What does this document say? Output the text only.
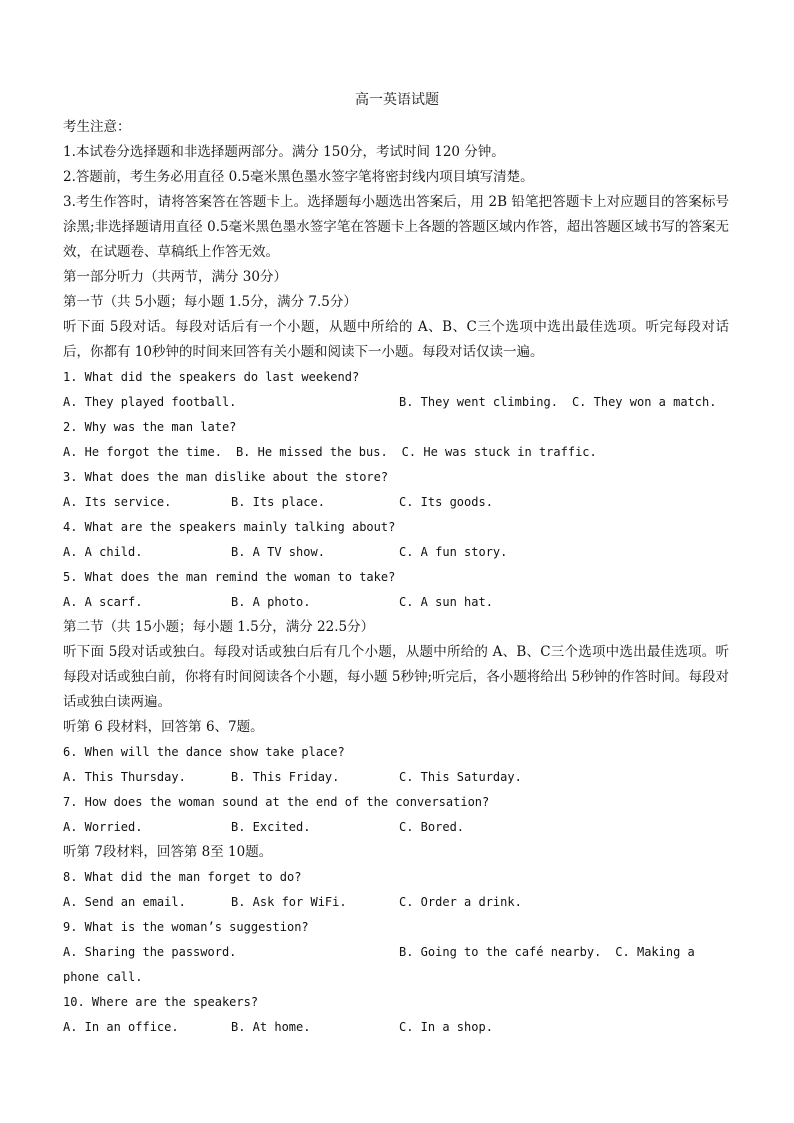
高一英语试题

考生注意：

1.本试卷分选择题和非选择题两部分。满分 150分，考试时间 120 分钟。

2.答题前，考生务必用直径 0.5毫米黑色墨水签字笔将密封线内项目填写清楚。

3.考生作答时，请将答案答在答题卡上。选择题每小题选出答案后，用 2B 铅笔把答题卡上对应题目的答案标号涂黑;非选择题请用直径 0.5毫米黑色墨水签字笔在答题卡上各题的答题区域内作答，超出答题区域书写的答案无效，在试题卷、草稿纸上作答无效。

第一部分听力（共两节，满分 30分）

第一节（共 5小题；每小题 1.5分，满分 7.5分）

听下面 5段对话。每段对话后有一个小题，从题中所给的 A、B、C三个选项中选出最佳选项。听完每段对话后，你都有 10秒钟的时间来回答有关小题和阅读下一小题。每段对话仅读一遍。

1. What did the speakers do last weekend?
A. They played football.	B. They went climbing. C. They won a match.
2. Why was the man late?
A. He forgot the time. B. He missed the bus. C. He was stuck in traffic.
3. What does the man dislike about the store?
A. Its service.	B. Its place.	C. Its goods.
4. What are the speakers mainly talking about?
A. A child.	B. A TV show.	C. A fun story.
5. What does the man remind the woman to take?
A. A scarf.	B. A photo.	C. A sun hat.

第二节（共 15小题；每小题 1.5分，满分 22.5分）

听下面 5段对话或独白。每段对话或独白后有几个小题，从题中所给的 A、B、C三个选项中选出最佳选项。听每段对话或独白前，你将有时间阅读各个小题，每小题 5秒钟;听完后，各小题将给出 5秒钟的作答时间。每段对话或独白读两遍。

听第 6 段材料，回答第 6、7题。

6. When will the dance show take place?
A. This Thursday.	B. This Friday.	C. This Saturday.
7. How does the woman sound at the end of the conversation?
A. Worried.	B. Excited.	C. Bored.

听第 7段材料，回答第 8至 10题。

8. What did the man forget to do?
A. Send an email.	B. Ask for WiFi.	C. Order a drink.
9. What is the woman’s suggestion?
A. Sharing the password.	B. Going to the café nearby. C. Making a
phone call.
10. Where are the speakers?
A. In an office.	B. At home.	C. In a shop.
